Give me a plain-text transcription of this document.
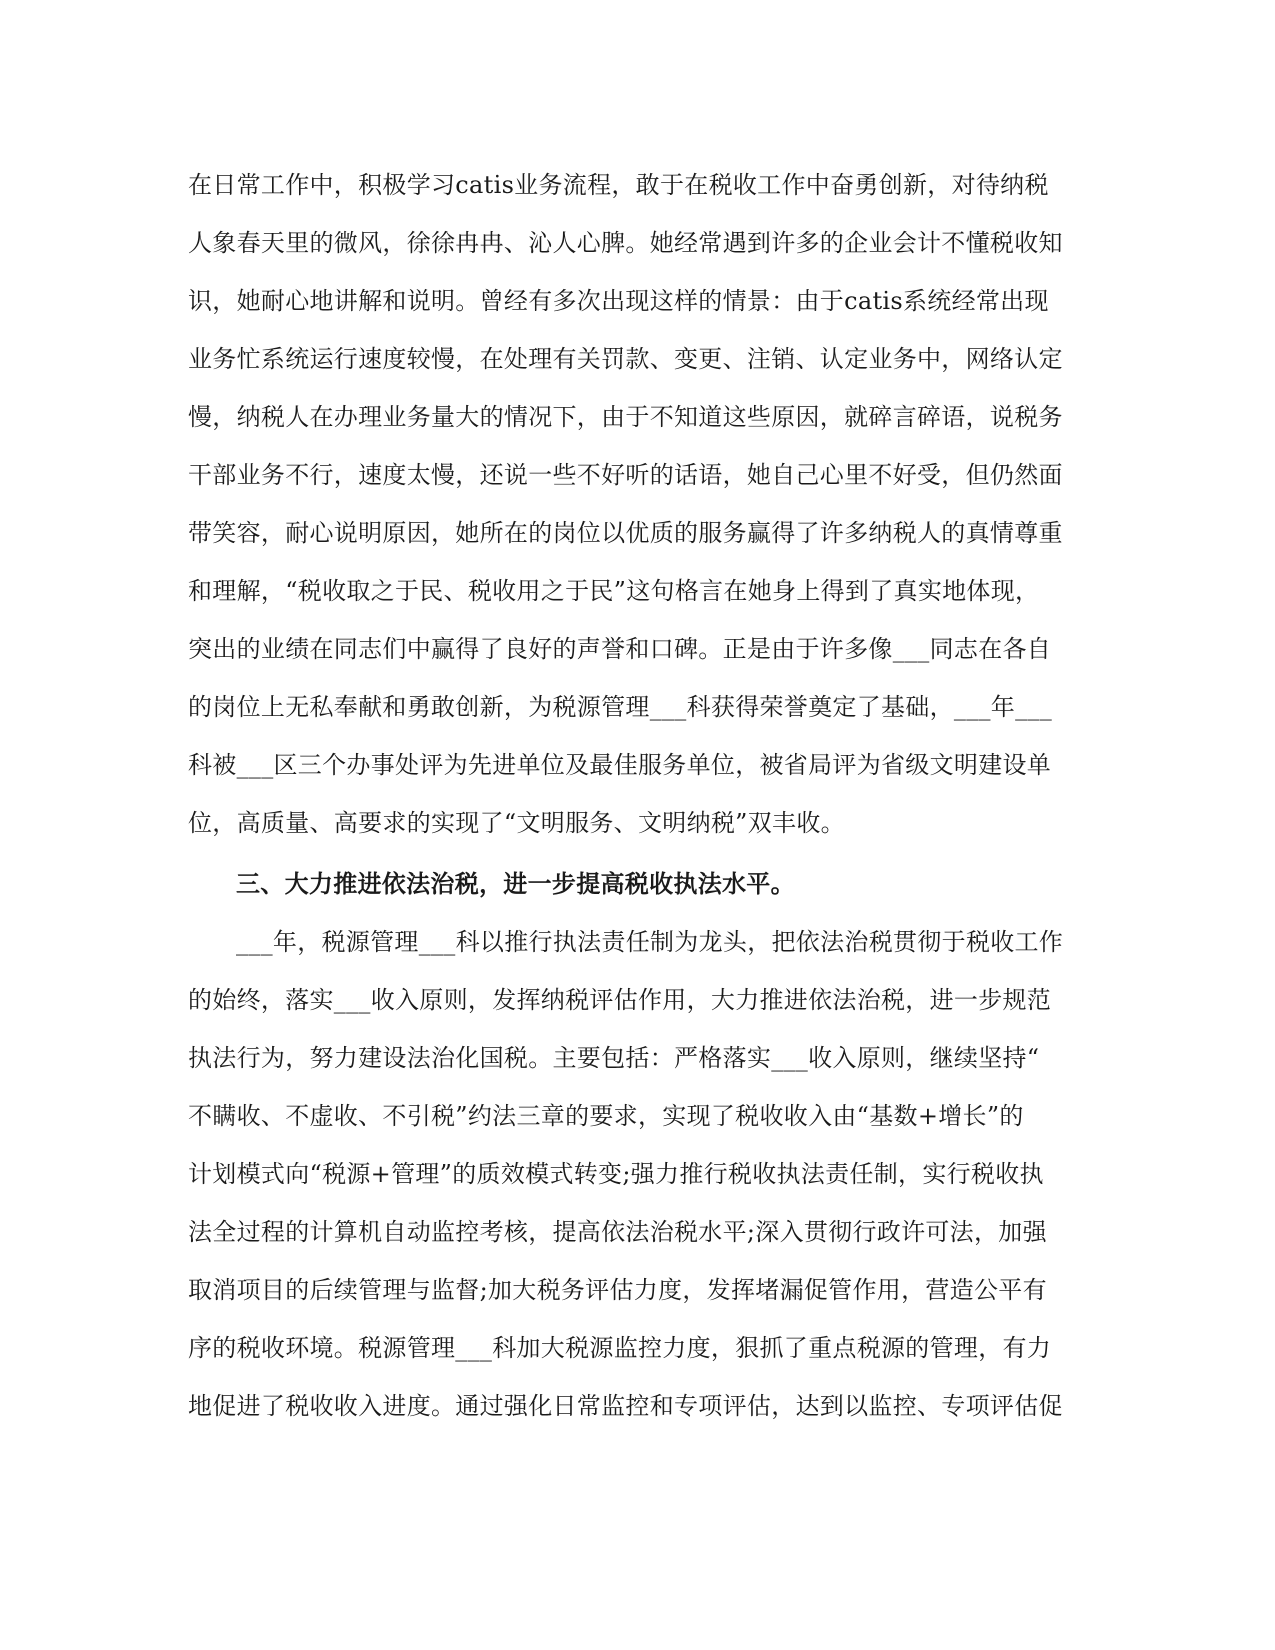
在日常工作中，积极学习catis业务流程，敢于在税收工作中奋勇创新，对待纳税
人象春天里的微风，徐徐冉冉、沁人心脾。她经常遇到许多的企业会计不懂税收知
识，她耐心地讲解和说明。曾经有多次出现这样的情景：由于catis系统经常出现
业务忙系统运行速度较慢，在处理有关罚款、变更、注销、认定业务中，网络认定
慢，纳税人在办理业务量大的情况下，由于不知道这些原因，就碎言碎语，说税务
干部业务不行，速度太慢，还说一些不好听的话语，她自己心里不好受，但仍然面
带笑容，耐心说明原因，她所在的岗位以优质的服务赢得了许多纳税人的真情尊重
和理解，“税收取之于民、税收用之于民”这句格言在她身上得到了真实地体现，
突出的业绩在同志们中赢得了良好的声誉和口碑。正是由于许多像___同志在各自
的岗位上无私奉献和勇敢创新，为税源管理___科获得荣誉奠定了基础，___年___
科被___区三个办事处评为先进单位及最佳服务单位，被省局评为省级文明建设单
位，高质量、高要求的实现了“文明服务、文明纳税”双丰收。
三、大力推进依法治税，进一步提高税收执法水平。
___年，税源管理___科以推行执法责任制为龙头，把依法治税贯彻于税收工作
的始终，落实___收入原则，发挥纳税评估作用，大力推进依法治税，进一步规范
执法行为，努力建设法治化国税。主要包括：严格落实___收入原则，继续坚持“
不瞒收、不虚收、不引税”约法三章的要求，实现了税收收入由“基数+增长”的
计划模式向“税源+管理”的质效模式转变;强力推行税收执法责任制，实行税收执
法全过程的计算机自动监控考核，提高依法治税水平;深入贯彻行政许可法，加强
取消项目的后续管理与监督;加大税务评估力度，发挥堵漏促管作用，营造公平有
序的税收环境。税源管理___科加大税源监控力度，狠抓了重点税源的管理，有力
地促进了税收收入进度。通过强化日常监控和专项评估，达到以监控、专项评估促
